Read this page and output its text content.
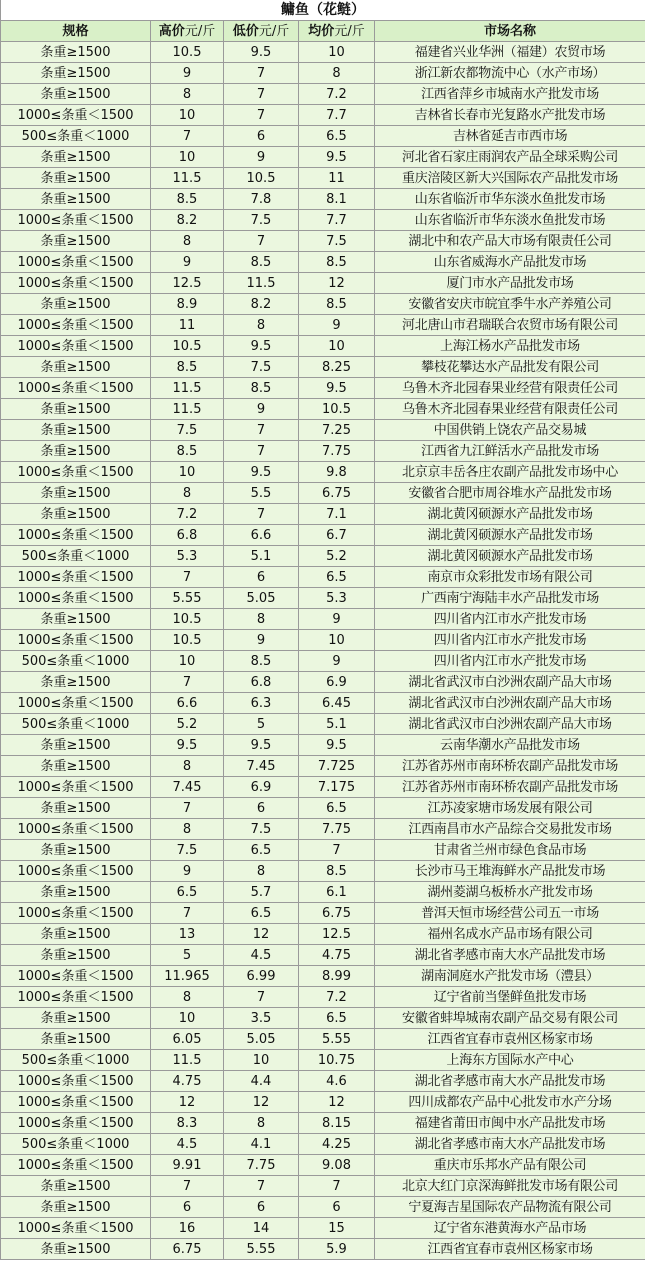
鳙鱼（花鲢）				
规格	高价元/斤	低价元/斤	均价元/斤	市场名称
条重≥1500	10.5	9.5	10	福建省兴业华洲（福建）农贸市场
条重≥1500	9	7	8	浙江新农都物流中心（水产市场）
条重≥1500	8	7	7.2	江西省萍乡市城南水产批发市场
1000≤条重＜1500	10	7	7.7	吉林省长春市光复路水产批发市场
500≤条重＜1000	7	6	6.5	吉林省延吉市西市场
条重≥1500	10	9	9.5	河北省石家庄雨润农产品全球采购公司
条重≥1500	11.5	10.5	11	重庆涪陵区新大兴国际农产品批发市场
条重≥1500	8.5	7.8	8.1	山东省临沂市华东淡水鱼批发市场
1000≤条重＜1500	8.2	7.5	7.7	山东省临沂市华东淡水鱼批发市场
条重≥1500	8	7	7.5	湖北中和农产品大市场有限责任公司
1000≤条重＜1500	9	8.5	8.5	山东省威海水产品批发市场
1000≤条重＜1500	12.5	11.5	12	厦门市水产品批发市场
条重≥1500	8.9	8.2	8.5	安徽省安庆市皖宜季牛水产养殖公司
1000≤条重＜1500	11	8	9	河北唐山市君瑞联合农贸市场有限公司
1000≤条重＜1500	10.5	9.5	10	上海江杨水产品批发市场
条重≥1500	8.5	7.5	8.25	攀枝花攀达水产品批发有限公司
1000≤条重＜1500	11.5	8.5	9.5	乌鲁木齐北园春果业经营有限责任公司
条重≥1500	11.5	9	10.5	乌鲁木齐北园春果业经营有限责任公司
条重≥1500	7.5	7	7.25	中国供销上饶农产品交易城
条重≥1500	8.5	7	7.75	江西省九江鲜活水产品批发市场
1000≤条重＜1500	10	9.5	9.8	北京京丰岳各庄农副产品批发市场中心
条重≥1500	8	5.5	6.75	安徽省合肥市周谷堆水产品批发市场
条重≥1500	7.2	7	7.1	湖北黄冈硕源水产品批发市场
1000≤条重＜1500	6.8	6.6	6.7	湖北黄冈硕源水产品批发市场
500≤条重＜1000	5.3	5.1	5.2	湖北黄冈硕源水产品批发市场
1000≤条重＜1500	7	6	6.5	南京市众彩批发市场有限公司
1000≤条重＜1500	5.55	5.05	5.3	广西南宁海陆丰水产品批发市场
条重≥1500	10.5	8	9	四川省内江市水产批发市场
1000≤条重＜1500	10.5	9	10	四川省内江市水产批发市场
500≤条重＜1000	10	8.5	9	四川省内江市水产批发市场
条重≥1500	7	6.8	6.9	湖北省武汉市白沙洲农副产品大市场
1000≤条重＜1500	6.6	6.3	6.45	湖北省武汉市白沙洲农副产品大市场
500≤条重＜1000	5.2	5	5.1	湖北省武汉市白沙洲农副产品大市场
条重≥1500	9.5	9.5	9.5	云南华潮水产品批发市场
条重≥1500	8	7.45	7.725	江苏省苏州市南环桥农副产品批发市场
1000≤条重＜1500	7.45	6.9	7.175	江苏省苏州市南环桥农副产品批发市场
条重≥1500	7	6	6.5	江苏凌家塘市场发展有限公司
1000≤条重＜1500	8	7.5	7.75	江西南昌市水产品综合交易批发市场
条重≥1500	7.5	6.5	7	甘肃省兰州市绿色食品市场
1000≤条重＜1500	9	8	8.5	长沙市马王堆海鲜水产品批发市场
条重≥1500	6.5	5.7	6.1	湖州菱湖乌板桥水产批发市场
1000≤条重＜1500	7	6.5	6.75	普洱天恒市场经营公司五一市场
条重≥1500	13	12	12.5	福州名成水产品市场有限公司
条重≥1500	5	4.5	4.75	湖北省孝感市南大水产品批发市场
1000≤条重＜1500	11.965	6.99	8.99	湖南洞庭水产批发市场（澧县）
1000≤条重＜1500	8	7	7.2	辽宁省前当堡鲜鱼批发市场
条重≥1500	10	3.5	6.5	安徽省蚌埠城南农副产品交易有限公司
条重≥1500	6.05	5.05	5.55	江西省宜春市袁州区杨家市场
500≤条重＜1000	11.5	10	10.75	上海东方国际水产中心
1000≤条重＜1500	4.75	4.4	4.6	湖北省孝感市南大水产品批发市场
1000≤条重＜1500	12	12	12	四川成都农产品中心批发市水产分场
1000≤条重＜1500	8.3	8	8.15	福建省莆田市闽中水产品批发市场
500≤条重＜1000	4.5	4.1	4.25	湖北省孝感市南大水产品批发市场
1000≤条重＜1500	9.91	7.75	9.08	重庆市乐邦水产品有限公司
条重≥1500	7	7	7	北京大红门京深海鲜批发市场有限公司
条重≥1500	6	6	6	宁夏海吉星国际农产品物流有限公司
1000≤条重＜1500	16	14	15	辽宁省东港黄海水产品市场
条重≥1500	6.75	5.55	5.9	江西省宜春市袁州区杨家市场
